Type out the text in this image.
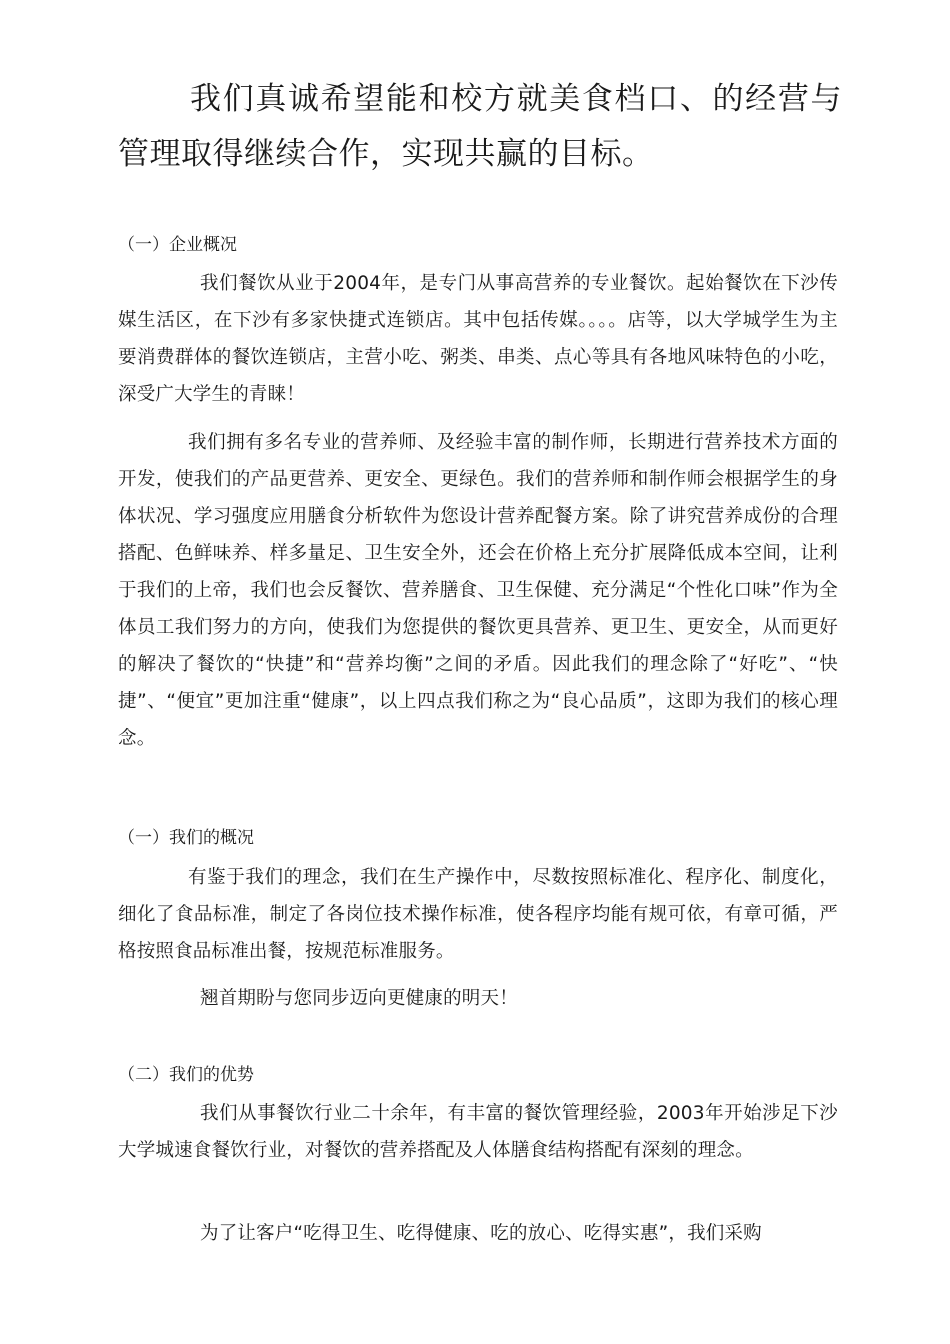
我们真诚希望能和校方就美食档口、的经营与管理取得继续合作，实现共赢的目标。

（一）企业概况

我们餐饮从业于2004年，是专门从事高营养的专业餐饮。起始餐饮在下沙传媒生活区，在下沙有多家快捷式连锁店。其中包括传媒。。。。店等，以大学城学生为主要消费群体的餐饮连锁店，主营小吃、粥类、串类、点心等具有各地风味特色的小吃，深受广大学生的青睐！

我们拥有多名专业的营养师、及经验丰富的制作师，长期进行营养技术方面的开发，使我们的产品更营养、更安全、更绿色。我们的营养师和制作师会根据学生的身体状况、学习强度应用膳食分析软件为您设计营养配餐方案。除了讲究营养成份的合理搭配、色鲜味养、样多量足、卫生安全外，还会在价格上充分扩展降低成本空间，让利于我们的上帝，我们也会反餐饮、营养膳食、卫生保健、充分满足“个性化口味”作为全体员工我们努力的方向，使我们为您提供的餐饮更具营养、更卫生、更安全，从而更好的解决了餐饮的“快捷”和“营养均衡”之间的矛盾。因此我们的理念除了“好吃”、“快捷”、“便宜”更加注重“健康”，以上四点我们称之为“良心品质”，这即为我们的核心理念。

（一）我们的概况

有鉴于我们的理念，我们在生产操作中，尽数按照标准化、程序化、制度化，细化了食品标准，制定了各岗位技术操作标准，使各程序均能有规可依，有章可循，严格按照食品标准出餐，按规范标准服务。

翘首期盼与您同步迈向更健康的明天！

（二）我们的优势

我们从事餐饮行业二十余年，有丰富的餐饮管理经验，2003年开始涉足下沙大学城速食餐饮行业，对餐饮的营养搭配及人体膳食结构搭配有深刻的理念。

为了让客户“吃得卫生、吃得健康、吃的放心、吃得实惠”，我们采购
